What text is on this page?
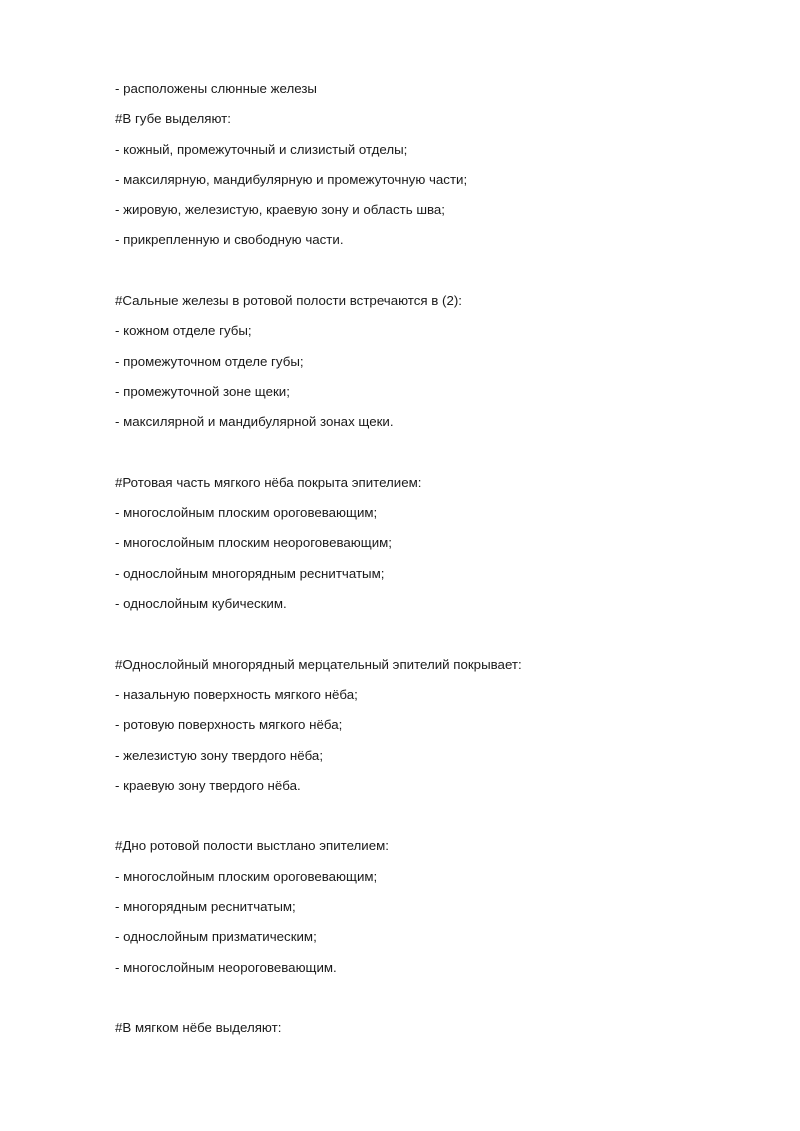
- расположены слюнные железы
#В губе выделяют:
- кожный, промежуточный и слизистый отделы;
- максилярную, мандибулярную и промежуточную части;
- жировую, железистую, краевую зону и область шва;
- прикрепленную и свободную части.
#Сальные железы в ротовой полости встречаются в (2):
- кожном отделе губы;
- промежуточном отделе губы;
- промежуточной зоне щеки;
- максилярной и мандибулярной зонах щеки.
#Ротовая часть мягкого нёба покрыта эпителием:
- многослойным плоским ороговевающим;
- многослойным плоским неороговевающим;
- однослойным многорядным реснитчатым;
- однослойным кубическим.
#Однослойный многорядный мерцательный эпителий покрывает:
- назальную поверхность мягкого нёба;
- ротовую поверхность мягкого нёба;
- железистую зону твердого нёба;
- краевую зону твердого нёба.
#Дно ротовой полости выстлано эпителием:
- многослойным плоским ороговевающим;
- многорядным реснитчатым;
- однослойным призматическим;
- многослойным неороговевающим.
#В мягком нёбе выделяют:
